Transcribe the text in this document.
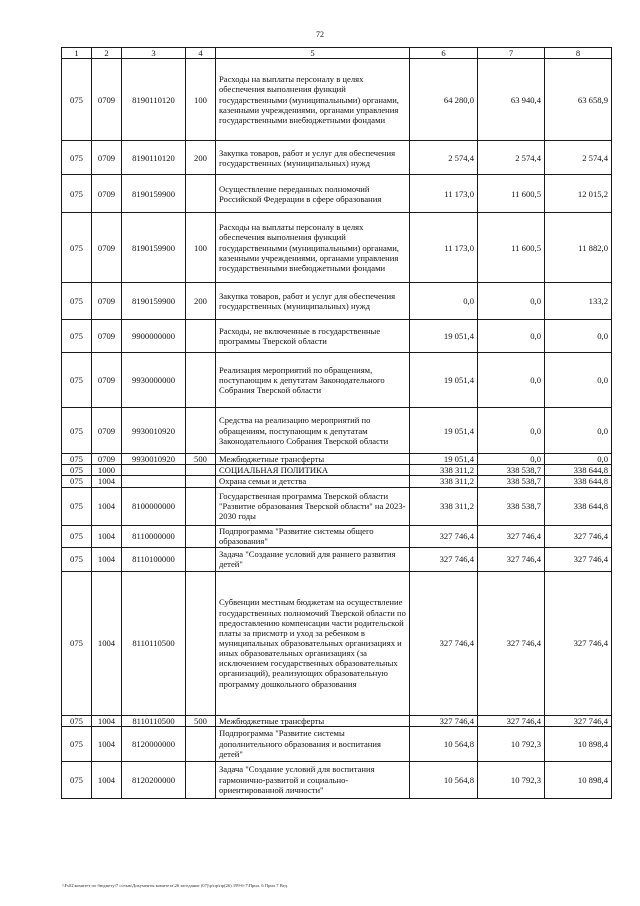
72
1	2	3	4	5	6	7	8
075	0709	8190110120	100	Расходы на выплаты персоналу в целях обеспечения выполнения функций государственными (муниципальными) органами, казенными учреждениями, органами управления государственными внебюджетными фондами	64 280,0	63 940,4	63 658,9
075	0709	8190110120	200	Закупка товаров, работ и услуг для обеспечения государственных (муниципальных) нужд	2 574,4	2 574,4	2 574,4
075	0709	8190159900		Осуществление переданных полномочий Российской Федерации в сфере образования	11 173,0	11 600,5	12 015,2
075	0709	8190159900	100	Расходы на выплаты персоналу в целях обеспечения выполнения функций государственными (муниципальными) органами, казенными учреждениями, органами управления государственными внебюджетными фондами	11 173,0	11 600,5	11 882,0
075	0709	8190159900	200	Закупка товаров, работ и услуг для обеспечения государственных (муниципальных) нужд	0,0	0,0	133,2
075	0709	9900000000		Расходы, не включенные в государственные программы Тверской области	19 051,4	0,0	0,0
075	0709	9930000000		Реализация мероприятий по обращениям, поступающим к депутатам Законодательного Собрания Тверской области	19 051,4	0,0	0,0
075	0709	9930010920		Средства на реализацию мероприятий по обращениям, поступающим к депутатам Законодательного Собрания Тверской области	19 051,4	0,0	0,0
075	0709	9930010920	500	Межбюджетные трансферты	19 051,4	0,0	0,0
075	1000			СОЦИАЛЬНАЯ ПОЛИТИКА	338 311,2	338 538,7	338 644,8
075	1004			Охрана семьи и детства	338 311,2	338 538,7	338 644,8
075	1004	8100000000		Государственная программа Тверской области "Развитие образования Тверской области" на 2023-2030 годы	338 311,2	338 538,7	338 644,8
075	1004	8110000000		Подпрограмма "Развитие системы общего образования"	327 746,4	327 746,4	327 746,4
075	1004	8110100000		Задача "Создание условий для раннего развития детей"	327 746,4	327 746,4	327 746,4
075	1004	8110110500		Субвенции местным бюджетам на осуществление государственных полномочий Тверской области по предоставлению компенсации части родительской платы за присмотр и уход за ребенком в муниципальных образовательных организациях и иных образовательных организациях (за исключением государственных образовательных организаций), реализующих образовательную программу дошкольного образования	327 746,4	327 746,4	327 746,4
075	1004	8110110500	500	Межбюджетные трансферты	327 746,4	327 746,4	327 746,4
075	1004	8120000000		Подпрограмма "Развитие системы дополнительного образования и воспитания детей"	10 564,8	10 792,3	10 898,4
075	1004	8120200000		Задача "Создание условий для воспитания гармонично-развитой и социально-ориентированной личности"	10 564,8	10 792,3	10 898,4
\\Fs02\комитет по бюджету\7 созыв\Документы комитета\26 заседание (07)\р\пр\пр(26) 199-6-7\Прил. 6 Прил 7 Вед.
